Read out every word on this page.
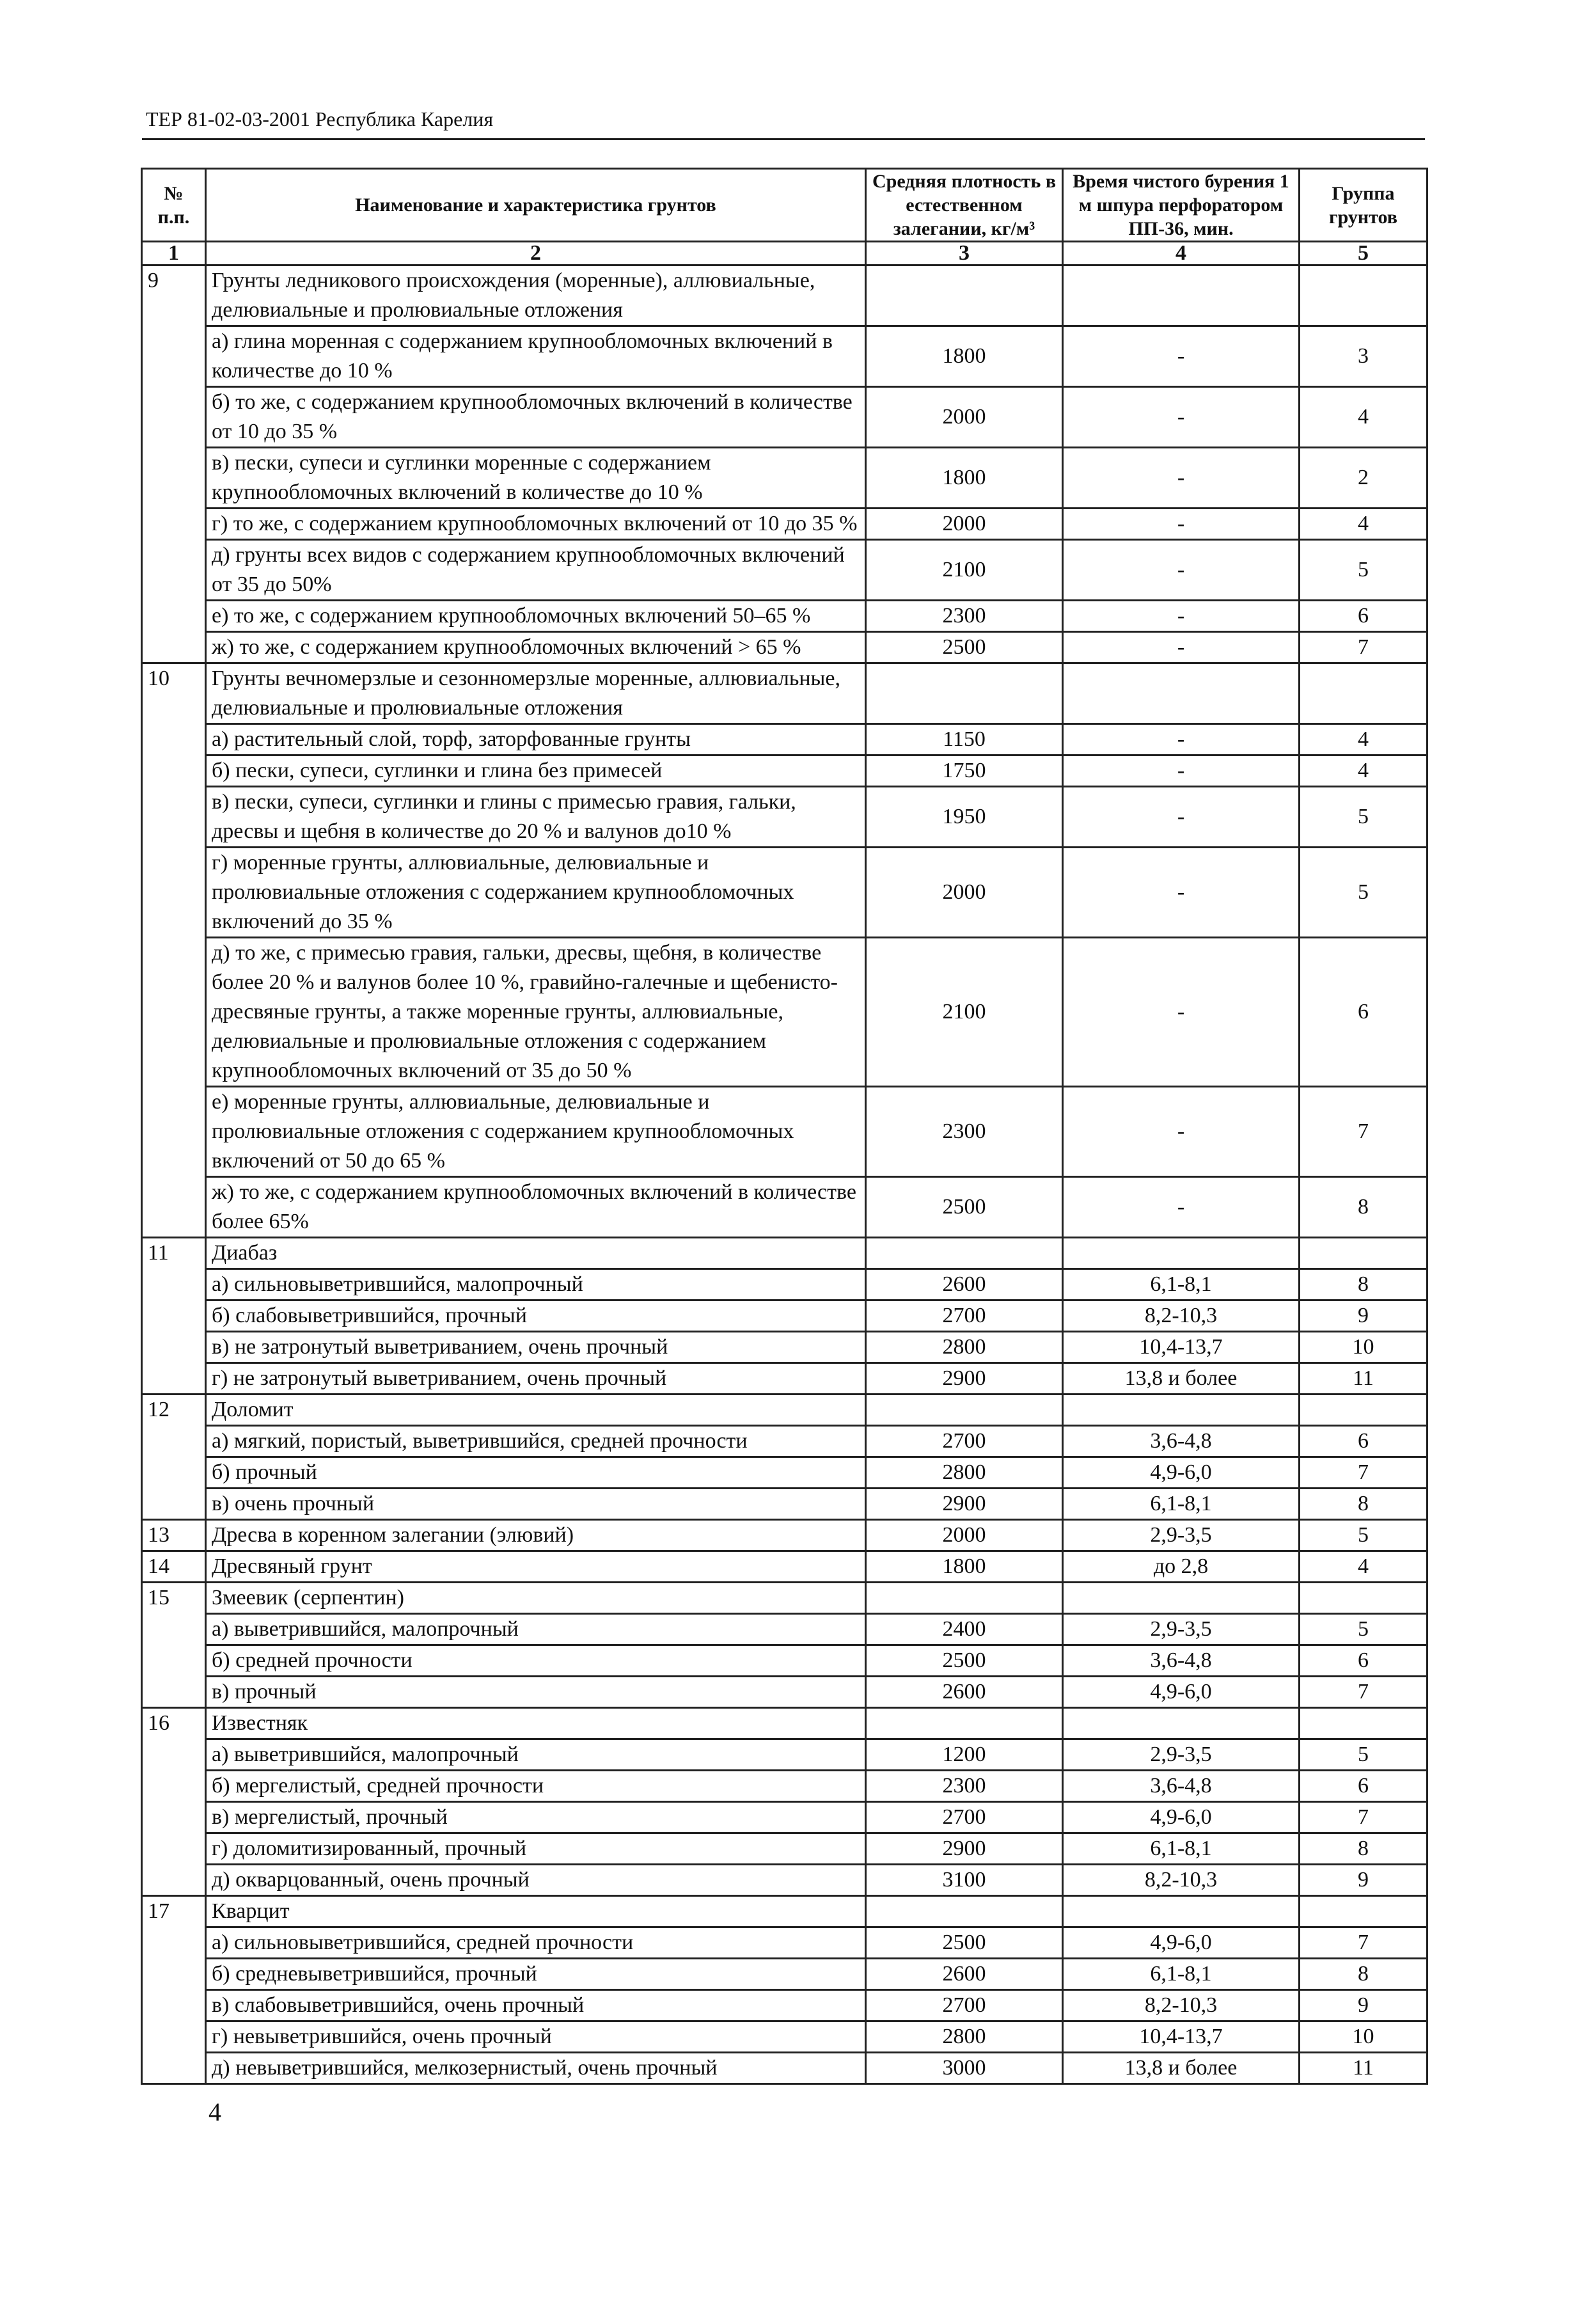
ТЕР 81-02-03-2001 Республика Карелия
№ п.п.	Наименование и характеристика грунтов	Средняя плотность в естественном залегании, кг/м³	Время чистого бурения 1 м шпура перфоратором ПП-36, мин.	Группа грунтов
1	2	3	4	5
9	Грунты ледникового происхождения (моренные), аллювиальные, делювиальные и пролювиальные отложения			
	а) глина моренная с содержанием крупнообломочных включений в количестве до 10 %	1800	-	3
	б) то же, с содержанием крупнообломочных включений в количестве от 10 до 35 %	2000	-	4
	в) пески, супеси и суглинки моренные с содержанием крупнообломочных включений в количестве до 10 %	1800	-	2
	г) то же, с содержанием крупнообломочных включений от 10 до 35 %	2000	-	4
	д) грунты всех видов с содержанием крупнообломочных включений от 35 до 50%	2100	-	5
	е) то же, с содержанием крупнообломочных включений 50–65 %	2300	-	6
	ж) то же, с содержанием крупнообломочных включений > 65 %	2500	-	7
10	Грунты вечномерзлые и сезонномерзлые моренные, аллювиальные, делювиальные и пролювиальные отложения			
	а) растительный слой, торф, заторфованные грунты	1150	-	4
	б) пески, супеси, суглинки и глина без примесей	1750	-	4
	в) пески, супеси, суглинки и глины с примесью гравия, гальки, дресвы и щебня в количестве до 20 % и валунов до10 %	1950	-	5
	г) моренные грунты, аллювиальные, делювиальные и пролювиальные отложения с содержанием крупнообломочных включений до 35 %	2000	-	5
	д) то же, с примесью гравия, гальки, дресвы, щебня, в количестве более 20 % и валунов более 10 %, гравийно-галечные и щебенисто-дресвяные грунты, а также моренные грунты, аллювиальные, делювиальные и пролювиальные отложения с содержанием крупнообломочных включений от 35 до 50 %	2100	-	6
	е) моренные грунты, аллювиальные, делювиальные и пролювиальные отложения с содержанием крупнообломочных включений от 50 до 65 %	2300	-	7
	ж) то же, с содержанием крупнообломочных включений в количестве более 65%	2500	-	8
11	Диабаз			
	а) сильновыветрившийся, малопрочный	2600	6,1-8,1	8
	б) слабовыветрившийся, прочный	2700	8,2-10,3	9
	в) не затронутый выветриванием, очень прочный	2800	10,4-13,7	10
	г) не затронутый выветриванием, очень прочный	2900	13,8 и более	11
12	Доломит			
	а) мягкий, пористый, выветрившийся, средней прочности	2700	3,6-4,8	6
	б) прочный	2800	4,9-6,0	7
	в) очень прочный	2900	6,1-8,1	8
13	Дресва в коренном залегании (элювий)	2000	2,9-3,5	5
14	Дресвяный грунт	1800	до 2,8	4
15	Змеевик (серпентин)			
	а) выветрившийся, малопрочный	2400	2,9-3,5	5
	б) средней прочности	2500	3,6-4,8	6
	в) прочный	2600	4,9-6,0	7
16	Известняк			
	а) выветрившийся, малопрочный	1200	2,9-3,5	5
	б) мергелистый, средней прочности	2300	3,6-4,8	6
	в) мергелистый, прочный	2700	4,9-6,0	7
	г) доломитизированный, прочный	2900	6,1-8,1	8
	д) окварцованный, очень прочный	3100	8,2-10,3	9
17	Кварцит			
	а) сильновыветрившийся, средней прочности	2500	4,9-6,0	7
	б) средневыветрившийся, прочный	2600	6,1-8,1	8
	в) слабовыветрившийся, очень прочный	2700	8,2-10,3	9
	г) невыветрившийся, очень прочный	2800	10,4-13,7	10
	д) невыветрившийся, мелкозернистый, очень прочный	3000	13,8 и более	11
4
